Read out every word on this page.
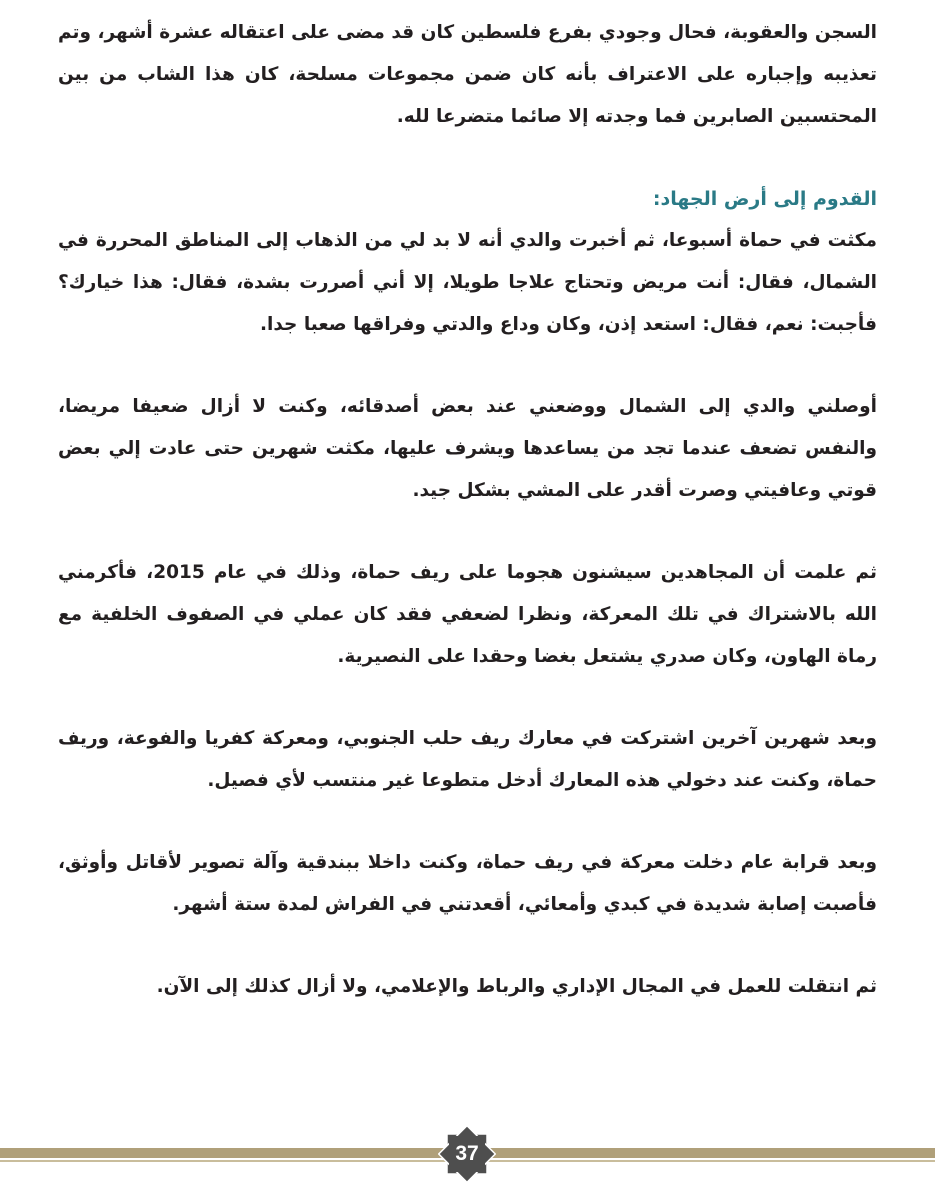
السجن والعقوبة، فحال وجودي بفرع فلسطين كان قد مضى على اعتقاله عشرة أشهر، وتم تعذيبه وإجباره على الاعتراف بأنه كان ضمن مجموعات مسلحة، كان هذا الشاب من بين المحتسبين الصابرين فما وجدته إلا صائما متضرعا لله.

القدوم إلى أرض الجهاد:

مكثت في حماة أسبوعا، ثم أخبرت والدي أنه لا بد لي من الذهاب إلى المناطق المحررة في الشمال، فقال: أنت مريض وتحتاج علاجا طويلا، إلا أني أصررت بشدة، فقال: هذا خيارك؟ فأجبت: نعم، فقال: استعد إذن، وكان وداع والدتي وفراقها صعبا جدا.

أوصلني والدي إلى الشمال ووضعني عند بعض أصدقائه، وكنت لا أزال ضعيفا مريضا، والنفس تضعف عندما تجد من يساعدها ويشرف عليها، مكثت شهرين حتى عادت إلي بعض قوتي وعافيتي وصرت أقدر على المشي بشكل جيد.

ثم علمت أن المجاهدين سيشنون هجوما على ريف حماة، وذلك في عام 2015، فأكرمني الله بالاشتراك في تلك المعركة، ونظرا لضعفي فقد كان عملي في الصفوف الخلفية مع رماة الهاون، وكان صدري يشتعل بغضا وحقدا على النصيرية.

وبعد شهرين آخرين اشتركت في معارك ريف حلب الجنوبي، ومعركة كفريا والفوعة، وريف حماة، وكنت عند دخولي هذه المعارك أدخل متطوعا غير منتسب لأي فصيل.

وبعد قرابة عام دخلت معركة في ريف حماة، وكنت داخلا ببندقية وآلة تصوير لأقاتل وأوثق، فأصبت إصابة شديدة في كبدي وأمعائي، أقعدتني في الفراش لمدة ستة أشهر.

ثم انتقلت للعمل في المجال الإداري والرباط والإعلامي، ولا أزال كذلك إلى الآن.

37
